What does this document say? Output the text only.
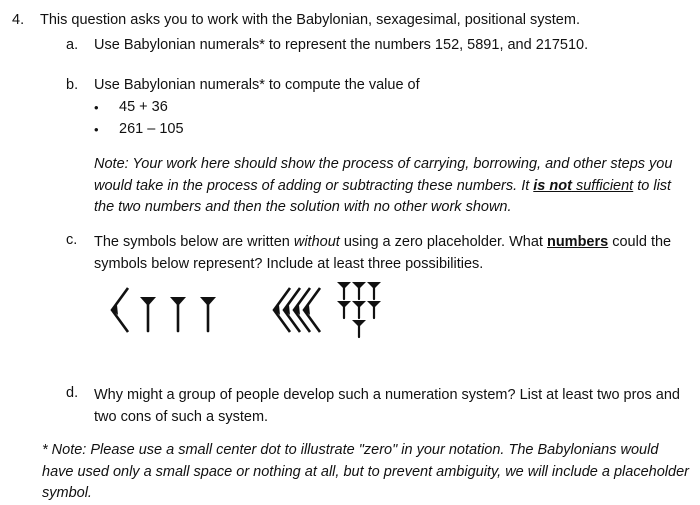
4. This question asks you to work with the Babylonian, sexagesimal, positional system.
a. Use Babylonian numerals* to represent the numbers 152, 5891, and 217510.
b. Use Babylonian numerals* to compute the value of
• 45 + 36
• 261 – 105
Note: Your work here should show the process of carrying, borrowing, and other steps you would take in the process of adding or subtracting these numbers. It is not sufficient to list the two numbers and then the solution with no other work shown.
c. The symbols below are written without using a zero placeholder. What numbers could the symbols below represent? Include at least three possibilities.
d. Why might a group of people develop such a numeration system? List at least two pros and two cons of such a system.
* Note: Please use a small center dot to illustrate "zero" in your notation. The Babylonians would have used only a small space or nothing at all, but to prevent ambiguity, we will include a placeholder symbol.
